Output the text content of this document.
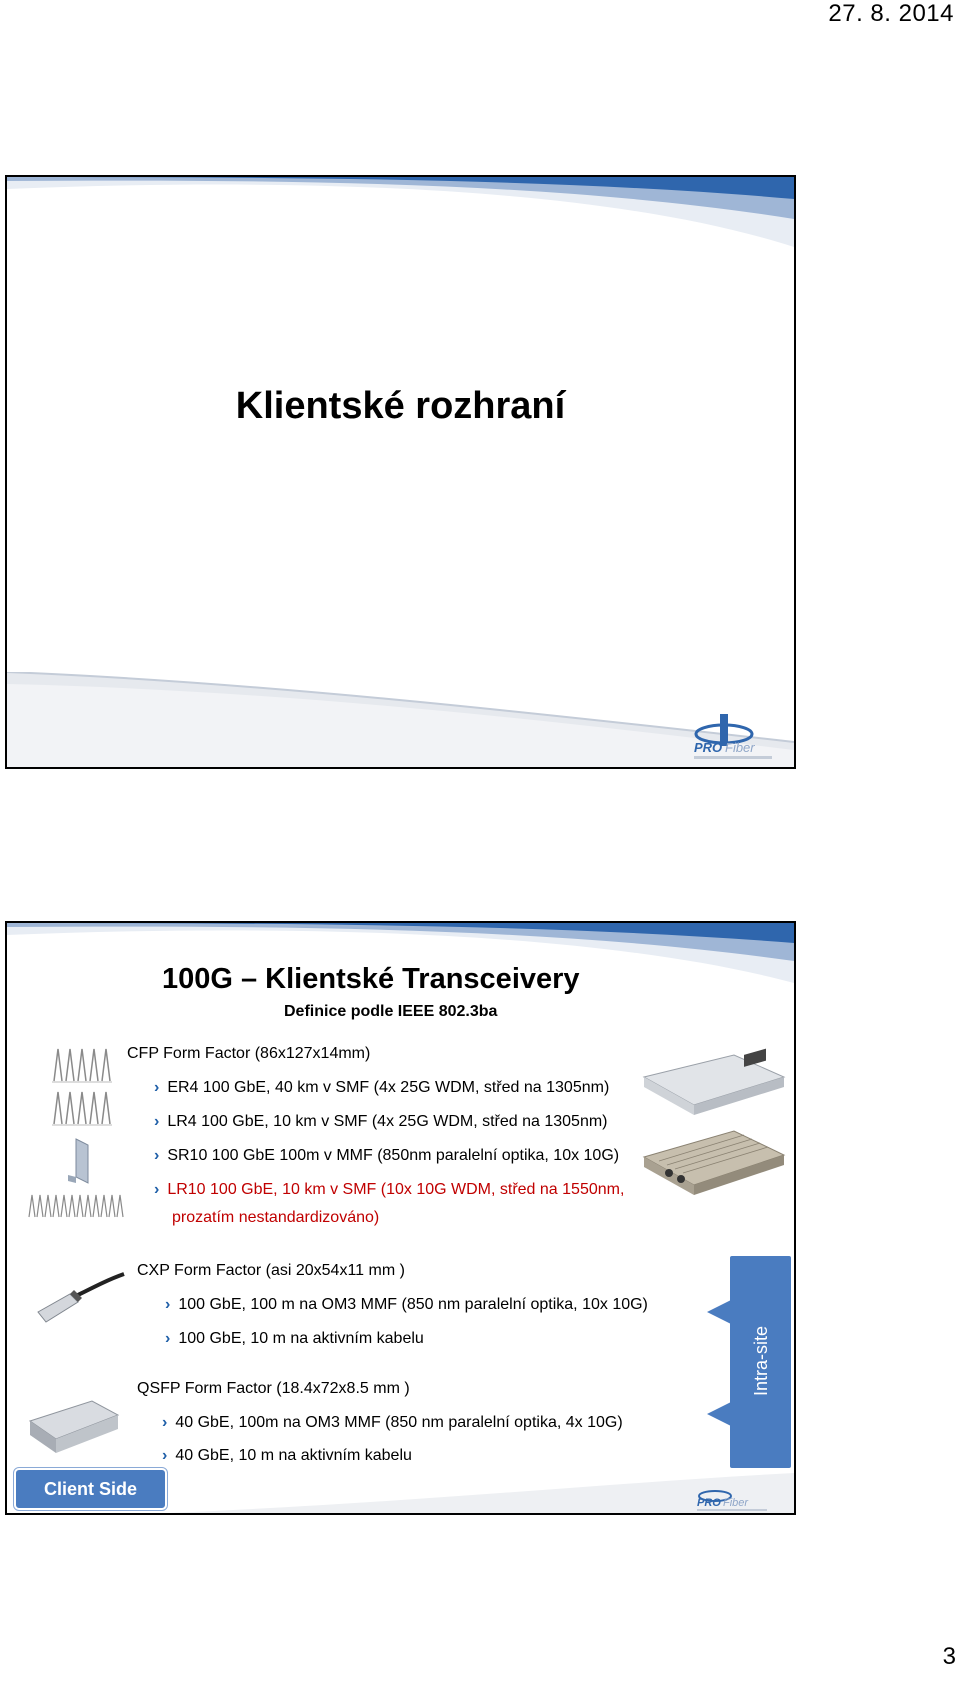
27. 8. 2014
Klientské rozhraní
PRO Fiber
100G – Klientské Transceivery
Definice podle IEEE 802.3ba
CFP Form Factor (86x127x14mm)
› ER4 100 GbE, 40 km v SMF (4x 25G WDM, střed na 1305nm)
› LR4 100 GbE, 10 km v SMF (4x 25G WDM, střed na 1305nm)
› SR10 100 GbE 100m v MMF (850nm paralelní optika, 10x 10G)
› LR10 100 GbE, 10 km v SMF (10x 10G WDM, střed na 1550nm,
prozatím nestandardizováno)
CXP Form Factor (asi 20x54x11 mm )
› 100 GbE, 100 m na OM3 MMF (850 nm paralelní optika, 10x 10G)
› 100 GbE, 10 m na aktivním kabelu
QSFP Form Factor (18.4x72x8.5 mm )
› 40 GbE, 100m na OM3 MMF (850 nm paralelní optika, 4x 10G)
› 40 GbE, 10 m na aktivním kabelu
Intra-site
Client Side
PRO Fiber
3
